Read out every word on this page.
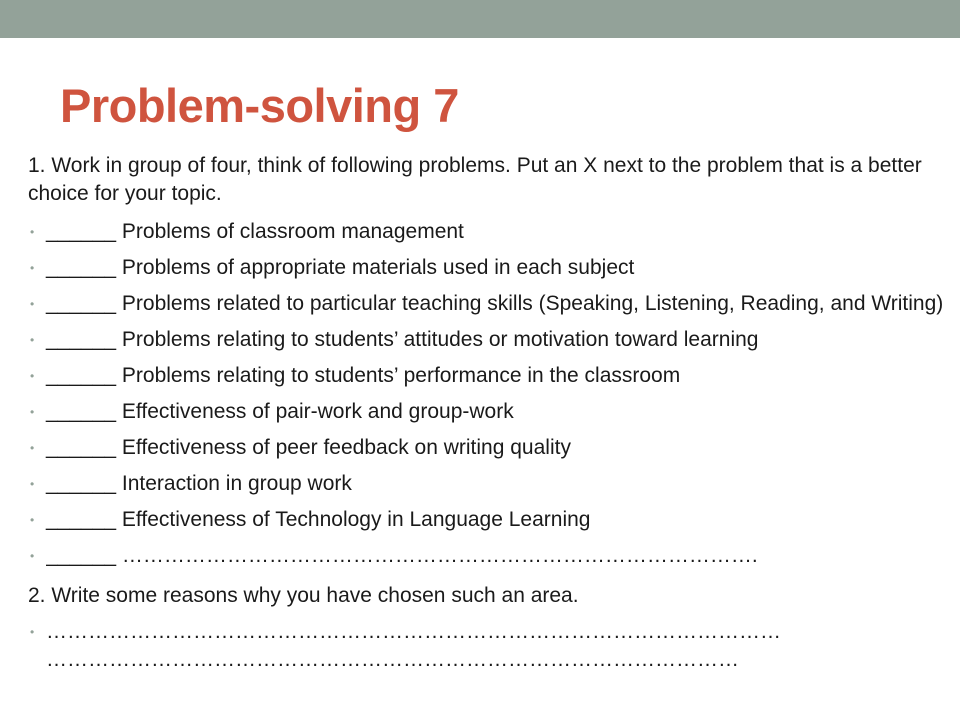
Problem-solving 7

1. Work in group of four, think of following problems. Put an X next to the problem that is a better choice for your topic.

• ______ Problems of classroom management
• ______ Problems of appropriate materials used in each subject
• ______ Problems related to particular teaching skills (Speaking, Listening, Reading, and Writing)
• ______ Problems relating to students’ attitudes or motivation toward learning
• ______ Problems relating to students’ performance in the classroom
• ______ Effectiveness of pair-work and group-work
• ______ Effectiveness of peer feedback on writing quality
• ______ Interaction in group work
• ______ Effectiveness of Technology in Language Learning
• ______ ……………………………………………………………………………….

2. Write some reasons why you have chosen such an area.

• ……………………………………………………………………………………………
………………………………………………………………………………………
